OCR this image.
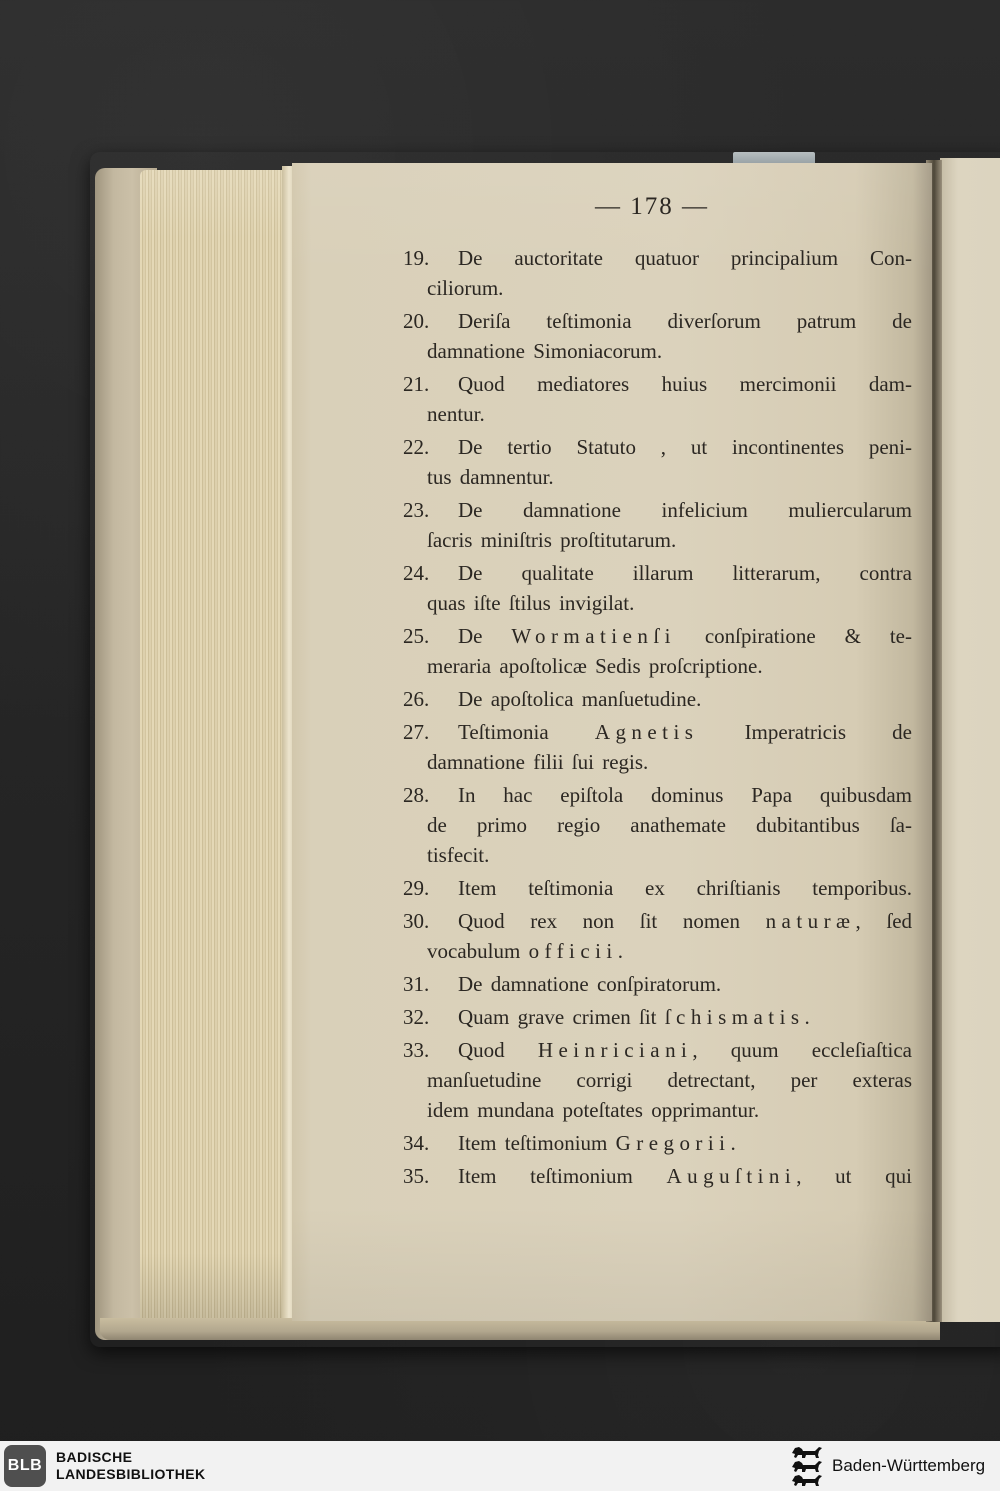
— 178 —
19.	De auctoritate quatuor principalium Con-
ciliorum.
20.	Deriſa teſtimonia diverſorum patrum de
damnatione Simoniacorum.
21.	Quod mediatores huius mercimonii dam-
nentur.
22.	De tertio Statuto , ut incontinentes peni-
tus damnentur.
23.	De damnatione infelicium muliercularum
ſacris miniſtris proſtitutarum.
24.	De qualitate illarum litterarum, contra
quas iſte ſtilus invigilat.
25.	De Wormatienſi conſpiratione & te-
meraria apoſtolicæ Sedis proſcriptione.
26.	De apoſtolica manſuetudine.
27.	Teſtimonia Agnetis Imperatricis de
damnatione filii ſui regis.
28.	In hac epiſtola dominus Papa quibusdam
de primo regio anathemate dubitantibus ſa-
tisfecit.
29.	Item teſtimonia ex chriſtianis temporibus.
30.	Quod rex non ſit nomen naturæ, ſed
vocabulum officii.
31.	De damnatione conſpiratorum.
32.	Quam grave crimen ſit ſchismatis.
33.	Quod Heinriciani, quum eccleſiaſtica
manſuetudine corrigi detrectant, per exteras
idem mundana poteſtates opprimantur.
34.	Item teſtimonium Gregorii.
35.	Item teſtimonium Auguſtini, ut qui
BLB BADISCHE
LANDESBIBLIOTHEK	Baden-Württemberg
